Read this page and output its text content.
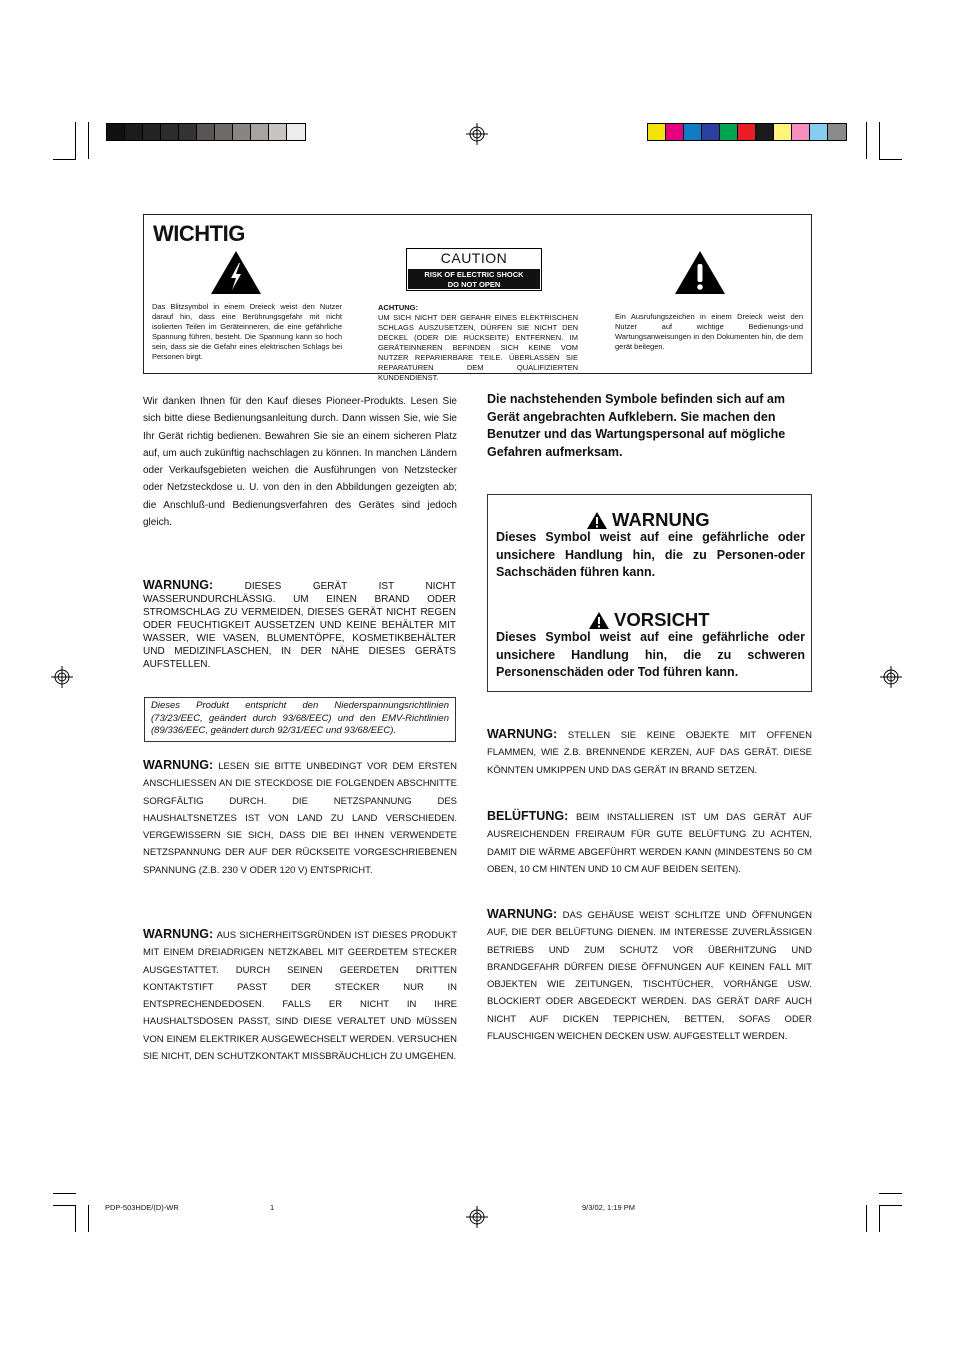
WICHTIG
Das Blitzsymbol in einem Dreieck weist den Nutzer darauf hin, dass eine Berührungsgefahr mit nicht isolierten Teilen im Geräteinneren, die eine gefährliche Spannung führen, besteht. Die Spannung kann so hoch sein, dass sie die Gefahr eines elektrischen Schlags bei Personen birgt.
CAUTION
RISK OF ELECTRIC SHOCK
DO NOT OPEN
ACHTUNG:
UM SICH NICHT DER GEFAHR EINES ELEKTRISCHEN SCHLAGS AUSZUSETZEN, DÜRFEN SIE NICHT DEN DECKEL (ODER DIE RÜCKSEITE) ENTFERNEN. IM GERÄTEINNEREN BEFINDEN SICH KEINE VOM NUTZER REPARIERBARE TEILE. ÜBERLASSEN SIE REPARATUREN DEM QUALIFIZIERTEN KUNDENDIENST.
Ein Ausrufungszeichen in einem Dreieck weist den Nutzer auf wichtige Bedienungs-und Wartungsanweisungen in den Dokumenten hin, die dem gerät beilegen.
Wir danken Ihnen für den Kauf dieses Pioneer-Produkts. Lesen Sie sich bitte diese Bedienungsanleitung durch. Dann wissen Sie, wie Sie Ihr Gerät richtig bedienen. Bewahren Sie sie an einem sicheren Platz auf, um auch zukünftig nachschlagen zu können. In manchen Ländern oder Verkaufsgebieten weichen die Ausführungen von Netzstecker oder Netzsteckdose u. U. von den in den Abbildungen gezeigten ab; die Anschluß-und Bedienungsverfahren des Gerätes sind jedoch gleich.
WARNUNG:	DIESES GERÄT IST NICHT WASSERUNDURCHLÄSSIG. UM EINEN BRAND ODER STROMSCHLAG ZU VERMEIDEN, DIESES GERÄT NICHT REGEN ODER FEUCHTIGKEIT AUSSETZEN UND KEINE BEHÄLTER MIT WASSER, WIE VASEN, BLUMENTÖPFE, KOSMETIKBEHÄLTER UND MEDIZINFLASCHEN, IN DER NÄHE DIESES GERÄTS AUFSTELLEN.
Dieses Produkt entspricht den Niederspannungsrichtlinien (73/23/EEC, geändert durch 93/68/EEC) und den EMV-Richtlinien (89/336/EEC, geändert durch 92/31/EEC und 93/68/EEC).
WARNUNG: LESEN SIE BITTE UNBEDINGT VOR DEM ERSTEN ANSCHLIESSEN AN DIE STECKDOSE DIE FOLGENDEN ABSCHNITTE SORGFÄLTIG DURCH. DIE NETZSPANNUNG DES HAUSHALTSNETZES IST VON LAND ZU LAND VERSCHIEDEN. VERGEWISSERN SIE SICH, DASS DIE BEI IHNEN VERWENDETE NETZSPANNUNG DER AUF DER RÜCKSEITE VORGESCHRIEBENEN SPANNUNG (Z.B. 230 V ODER 120 V) ENTSPRICHT.
WARNUNG: AUS SICHERHEITSGRÜNDEN IST DIESES PRODUKT MIT EINEM DREIADRIGEN NETZKABEL MIT GEERDETEM STECKER AUSGESTATTET. DURCH SEINEN GEERDETEN DRITTEN KONTAKTSTIFT PASST DER STECKER NUR IN ENTSPRECHENDEDOSEN. FALLS ER NICHT IN IHRE HAUSHALTSDOSEN PASST, SIND DIESE VERALTET UND MÜSSEN VON EINEM ELEKTRIKER AUSGEWECHSELT WERDEN. VERSUCHEN SIE NICHT, DEN SCHUTZKONTAKT MISSBRÄUCHLICH ZU UMGEHEN.
Die nachstehenden Symbole befinden sich auf am Gerät angebrachten Aufklebern. Sie machen den Benutzer und das Wartungspersonal auf mögliche Gefahren aufmerksam.
WARNUNG
Dieses Symbol weist auf eine gefährliche oder unsichere Handlung hin, die zu Personen-oder Sachschäden führen kann.
VORSICHT
Dieses Symbol weist auf eine gefährliche oder unsichere Handlung hin, die zu schweren Personenschäden oder Tod führen kann.
WARNUNG: STELLEN SIE KEINE OBJEKTE MIT OFFENEN FLAMMEN, WIE Z.B. BRENNENDE KERZEN, AUF DAS GERÄT. DIESE KÖNNTEN UMKIPPEN UND DAS GERÄT IN BRAND SETZEN.
BELÜFTUNG: BEIM INSTALLIEREN IST UM DAS GERÄT AUF AUSREICHENDEN FREIRAUM FÜR GUTE BELÜFTUNG ZU ACHTEN, DAMIT DIE WÄRME ABGEFÜHRT WERDEN KANN (MINDESTENS 50 CM OBEN, 10 CM HINTEN UND 10 CM AUF BEIDEN SEITEN).
WARNUNG: DAS GEHÄUSE WEIST SCHLITZE UND ÖFFNUNGEN AUF, DIE DER BELÜFTUNG DIENEN. IM INTERESSE ZUVERLÄSSIGEN BETRIEBS UND ZUM SCHUTZ VOR ÜBERHITZUNG UND BRANDGEFAHR DÜRFEN DIESE ÖFFNUNGEN AUF KEINEN FALL MIT OBJEKTEN WIE ZEITUNGEN, TISCHTÜCHER, VORHÄNGE USW. BLOCKIERT ODER ABGEDECKT WERDEN. DAS GERÄT DARF AUCH NICHT AUF DICKEN TEPPICHEN, BETTEN, SOFAS ODER FLAUSCHIGEN WEICHEN DECKEN USW. AUFGESTELLT WERDEN.
PDP-503HDE/(D)-WR	1	9/3/02, 1:19 PM
